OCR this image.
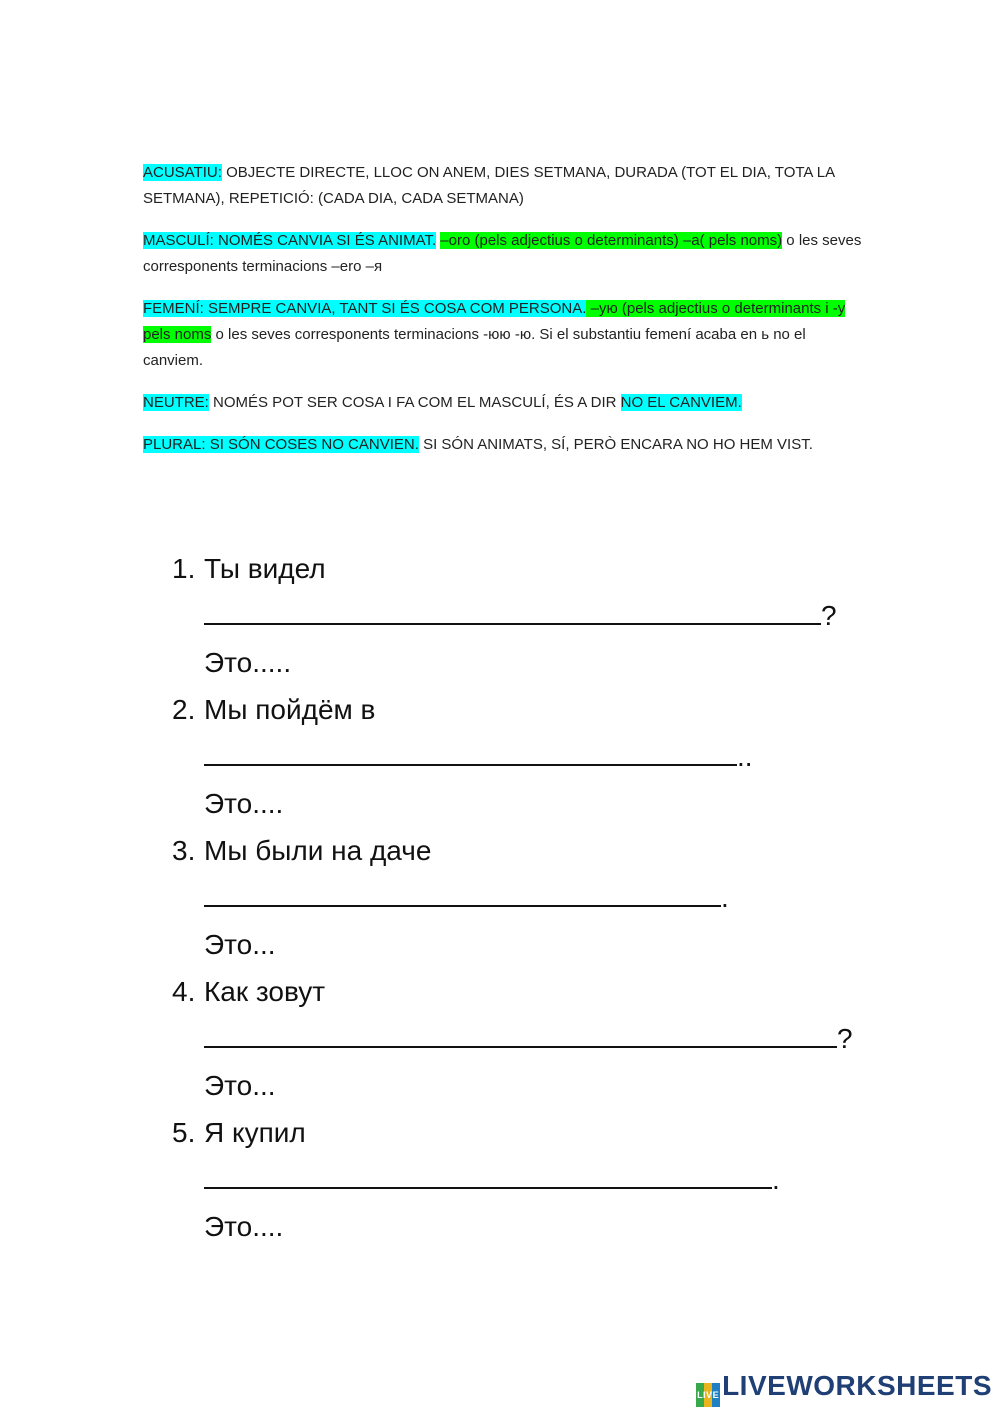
ACUSATIU: OBJECTE DIRECTE, LLOC ON ANEM, DIES SETMANA, DURADA (TOT EL DIA, TOTA LA SETMANA), REPETICIÓ: (CADA DIA, CADA SETMANA)

MASCULÍ: NOMÉS CANVIA SI ÉS ANIMAT. –oro (pels adjectius o determinants) –a( pels noms) o les seves corresponents terminacions –ero –я

FEMENÍ: SEMPRE CANVIA, TANT SI ÉS COSA COM PERSONA. –ую (pels adjectius o determinants i -у pels noms o les seves corresponents terminacions -юю -ю. Si el substantiu femení acaba en ь no el canviem.

NEUTRE: NOMÉS POT SER COSA I FA COM EL MASCULÍ, ÉS A DIR NO EL CANVIEM.

PLURAL: SI SÓN COSES NO CANVIEN. SI SÓN ANIMATS, SÍ, PERÒ ENCARA NO HO HEM VIST.

1. Ты видел
?
Это.....
2. Мы пойдём в
..
Это....
3. Мы были на даче
.
Это...
4. Как зовут
?
Это...
5. Я купил
.
Это....
LIVE LIVEWORKSHEETS
